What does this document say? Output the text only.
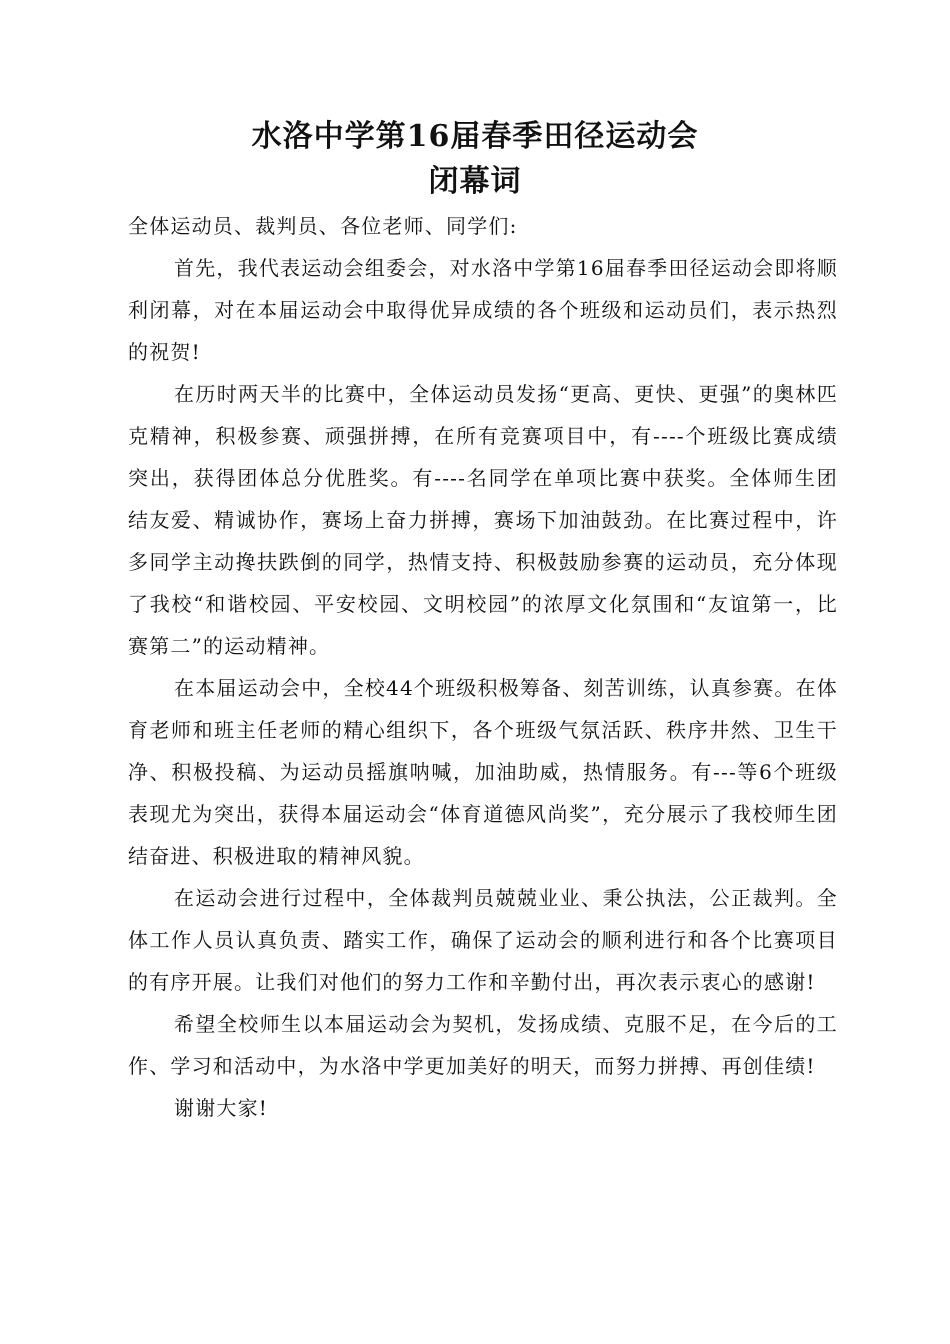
水洛中学第16届春季田径运动会
闭幕词

全体运动员、裁判员、各位老师、同学们:

首先，我代表运动会组委会，对水洛中学第16届春季田径运动会即将顺利闭幕，对在本届运动会中取得优异成绩的各个班级和运动员们，表示热烈的祝贺!

在历时两天半的比赛中，全体运动员发扬“更高、更快、更强”的奥林匹克精神，积极参赛、顽强拼搏，在所有竞赛项目中，有----个班级比赛成绩突出，获得团体总分优胜奖。有----名同学在单项比赛中获奖。全体师生团结友爱、精诚协作，赛场上奋力拼搏，赛场下加油鼓劲。在比赛过程中，许多同学主动搀扶跌倒的同学，热情支持、积极鼓励参赛的运动员，充分体现了我校“和谐校园、平安校园、文明校园”的浓厚文化氛围和“友谊第一，比赛第二”的运动精神。

在本届运动会中，全校44个班级积极筹备、刻苦训练，认真参赛。在体育老师和班主任老师的精心组织下，各个班级气氛活跃、秩序井然、卫生干净、积极投稿、为运动员摇旗呐喊，加油助威，热情服务。有---等6个班级表现尤为突出，获得本届运动会“体育道德风尚奖”，充分展示了我校师生团结奋进、积极进取的精神风貌。

在运动会进行过程中，全体裁判员兢兢业业、秉公执法，公正裁判。全体工作人员认真负责、踏实工作，确保了运动会的顺利进行和各个比赛项目的有序开展。让我们对他们的努力工作和辛勤付出，再次表示衷心的感谢!

希望全校师生以本届运动会为契机，发扬成绩、克服不足，在今后的工作、学习和活动中，为水洛中学更加美好的明天，而努力拼搏、再创佳绩!

谢谢大家!
